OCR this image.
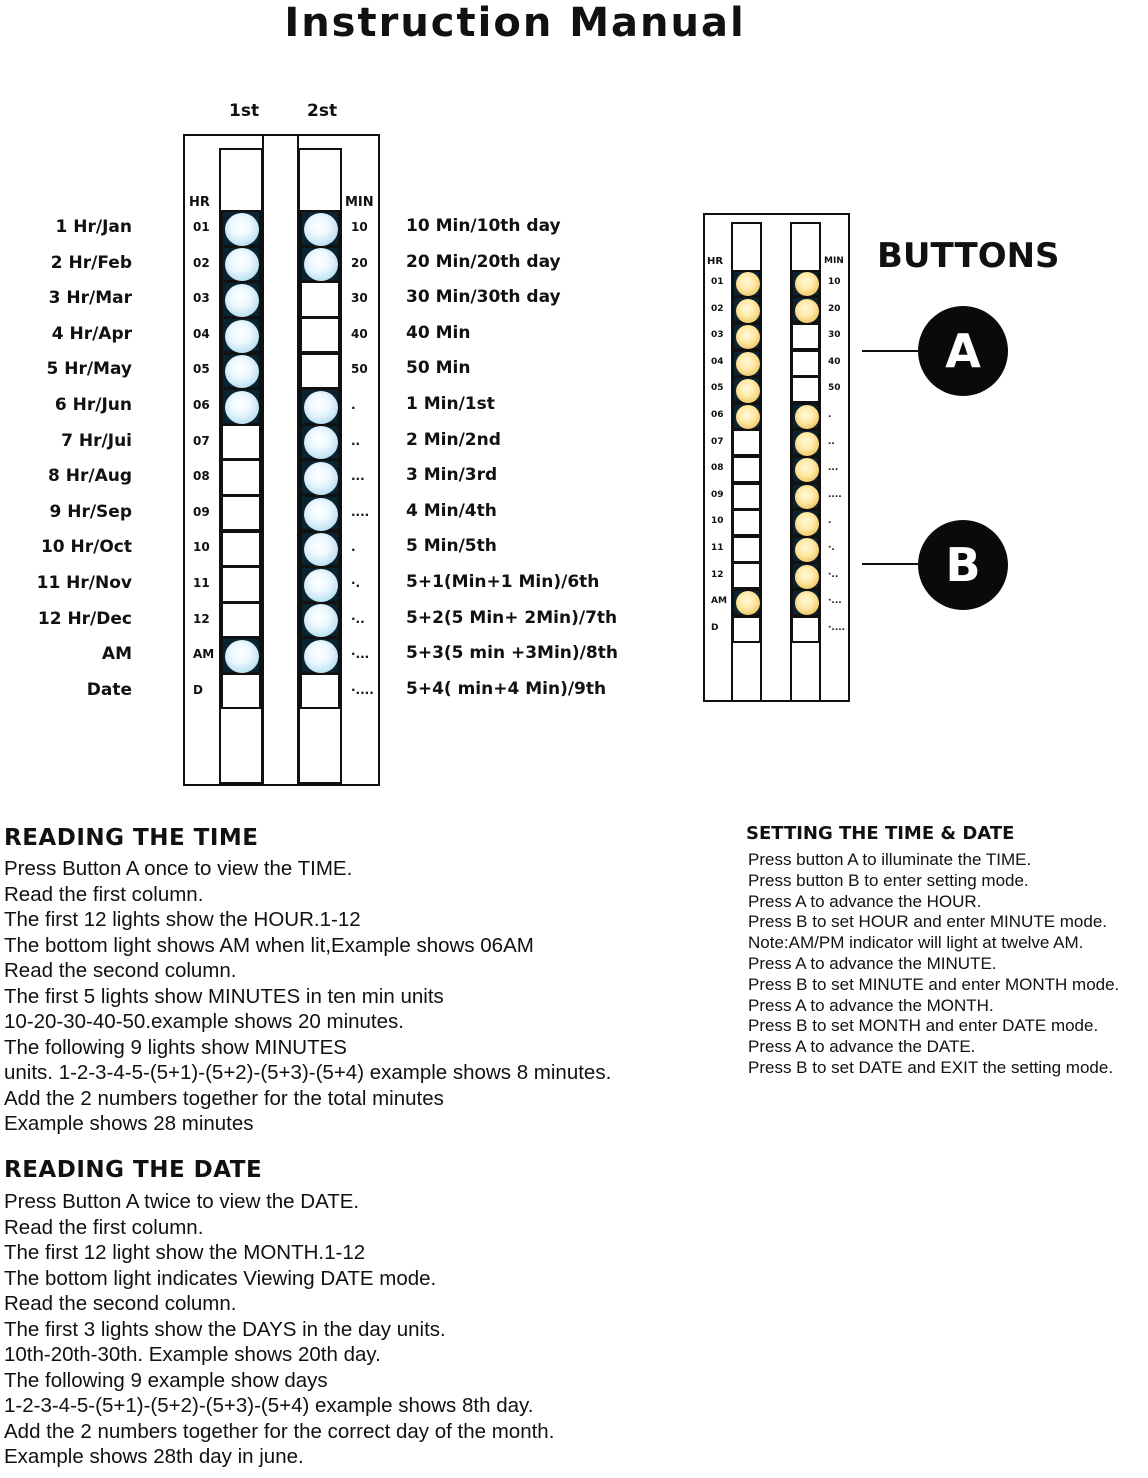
Instruction Manual
1st	2st
HR	MIN
1 Hr/Jan	01	10 10 Min/10th day
2 Hr/Feb	02	20 20 Min/20th day
3 Hr/Mar	03	30 30 Min/30th day
4 Hr/Apr	04	40 40 Min
5 Hr/May	05	50 50 Min
6 Hr/Jun	06	.	1 Min/1st
7 Hr/Jui	07	..	2 Min/2nd
8 Hr/Aug	08	... 3 Min/3rd
9 Hr/Sep	09	.... 4 Min/4th
10 Hr/Oct	10	.	5 Min/5th
11 Hr/Nov	11	·.	5+1(Min+1 Min)/6th
12 Hr/Dec	12	·.. 5+2(5 Min+ 2Min)/7th
AM	AM	·... 5+3(5 min +3Min)/8th
Date	D	·.... 5+4( min+4 Min)/9th
HR	MIN
01	10
02	20
03	30
04	40
05	50
06	.
07	..
08	...
09	....
10	.
11	·.
12	·..
AM	·...
D	·....
BUTTONS
A
B
READING THE TIME
Press Button A once to view the TIME.
Read the first column.
The first 12 lights show the HOUR.1-12
The bottom light shows AM when lit,Example shows 06AM
Read the second column.
The first 5 lights show MINUTES in ten min units
10-20-30-40-50.example shows 20 minutes.
The following 9 lights show MINUTES
units. 1-2-3-4-5-(5+1)-(5+2)-(5+3)-(5+4) example shows 8 minutes.
Add the 2 numbers together for the total minutes
Example shows 28 minutes
READING THE DATE
Press Button A twice to view the DATE.
Read the first column.
The first 12 light show the MONTH.1-12
The bottom light indicates Viewing DATE mode.
Read the second column.
The first 3 lights show the DAYS in the day units.
10th-20th-30th. Example shows 20th day.
The following 9 example show days
1-2-3-4-5-(5+1)-(5+2)-(5+3)-(5+4) example shows 8th day.
Add the 2 numbers together for the correct day of the month.
Example shows 28th day in june.
SETTING THE TIME & DATE
Press button A to illuminate the TIME.
Press button B to enter setting mode.
Press A to advance the HOUR.
Press B to set HOUR and enter MINUTE mode.
Note:AM/PM indicator will light at twelve AM.
Press A to advance the MINUTE.
Press B to set MINUTE and enter MONTH mode.
Press A to advance the MONTH.
Press B to set MONTH and enter DATE mode.
Press A to advance the DATE.
Press B to set DATE and EXIT the setting mode.
